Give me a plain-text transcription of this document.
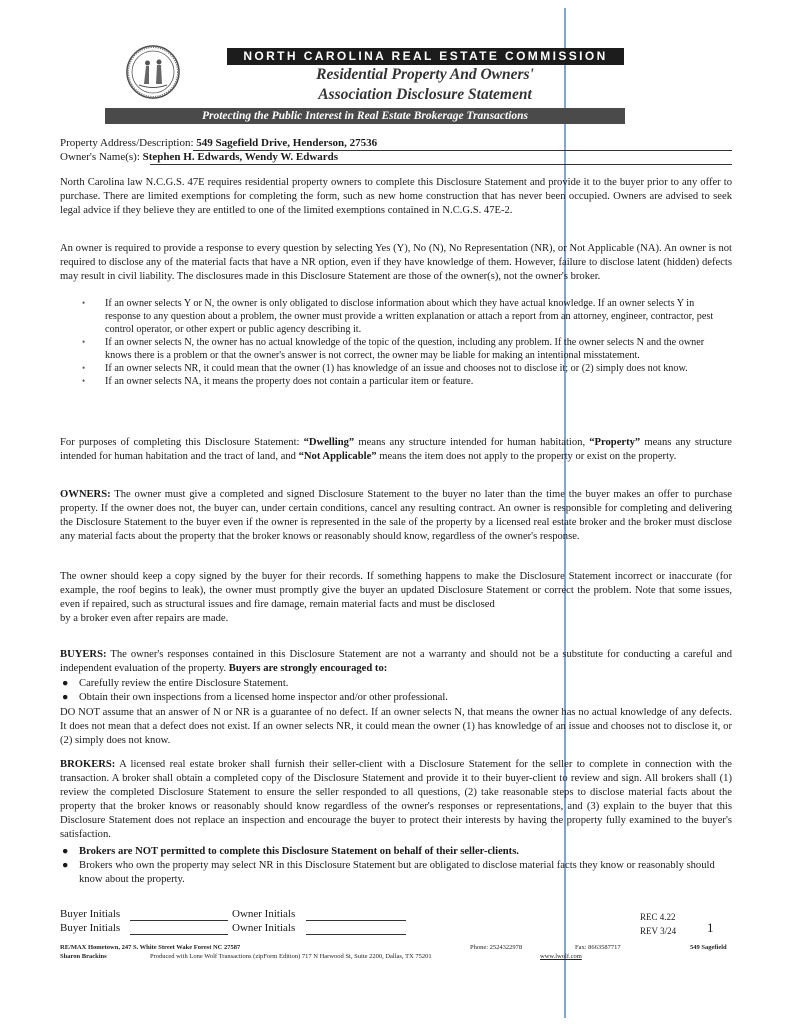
NORTH CAROLINA REAL ESTATE COMMISSION
Residential Property And Owners'
Association Disclosure Statement
Protecting the Public Interest in Real Estate Brokerage Transactions
Property Address/Description: 549 Sagefield Drive, Henderson, 27536
Owner's Name(s): Stephen H. Edwards, Wendy W. Edwards

North Carolina law N.C.G.S. 47E requires residential property owners to complete this Disclosure Statement and provide it to the buyer prior to any offer to purchase. There are limited exemptions for completing the form, such as new home construction that has never been occupied. Owners are advised to seek legal advice if they believe they are entitled to one of the limited exemptions contained in N.C.G.S. 47E-2.

An owner is required to provide a response to every question by selecting Yes (Y), No (N), No Representation (NR), or Not Applicable (NA). An owner is not required to disclose any of the material facts that have a NR option, even if they have knowledge of them. However, failure to disclose latent (hidden) defects may result in civil liability. The disclosures made in this Disclosure Statement are those of the owner(s), not the owner's broker.

• If an owner selects Y or N, the owner is only obligated to disclose information about which they have actual knowledge. If an owner selects Y in response to any question about a problem, the owner must provide a written explanation or attach a report from an attorney, engineer, contractor, pest control operator, or other expert or public agency describing it.

• If an owner selects N, the owner has no actual knowledge of the topic of the question, including any problem. If the owner selects N and the owner knows there is a problem or that the owner's answer is not correct, the owner may be liable for making an intentional misstatement.

• If an owner selects NR, it could mean that the owner (1) has knowledge of an issue and chooses not to disclose it; or (2) simply does not know.

• If an owner selects NA, it means the property does not contain a particular item or feature.

For purposes of completing this Disclosure Statement: “Dwelling” means any structure intended for human habitation, “Property” means any structure intended for human habitation and the tract of land, and “Not Applicable” means the item does not apply to the property or exist on the property.

OWNERS: The owner must give a completed and signed Disclosure Statement to the buyer no later than the time the buyer makes an offer to purchase property. If the owner does not, the buyer can, under certain conditions, cancel any resulting contract. An owner is responsible for completing and delivering the Disclosure Statement to the buyer even if the owner is represented in the sale of the property by a licensed real estate broker and the broker must disclose any material facts about the property that the broker knows or reasonably should know, regardless of the owner's response.

The owner should keep a copy signed by the buyer for their records. If something happens to make the Disclosure Statement incorrect or inaccurate (for example, the roof begins to leak), the owner must promptly give the buyer an updated Disclosure Statement or correct the problem. Note that some issues, even if repaired, such as structural issues and fire damage, remain material facts and must be disclosed

by a broker even after repairs are made.

BUYERS: The owner's responses contained in this Disclosure Statement are not a warranty and should not be a substitute for conducting a careful and independent evaluation of the property. Buyers are strongly encouraged to:

● Carefully review the entire Disclosure Statement.

● Obtain their own inspections from a licensed home inspector and/or other professional.

DO NOT assume that an answer of N or NR is a guarantee of no defect. If an owner selects N, that means the owner has no actual knowledge of any defects. It does not mean that a defect does not exist. If an owner selects NR, it could mean the owner (1) has knowledge of an issue and chooses not to disclose it, or (2) simply does not know.

BROKERS: A licensed real estate broker shall furnish their seller-client with a Disclosure Statement for the seller to complete in connection with the transaction. A broker shall obtain a completed copy of the Disclosure Statement and provide it to their buyer-client to review and sign. All brokers shall (1) review the completed Disclosure Statement to ensure the seller responded to all questions, (2) take reasonable steps to disclose material facts about the property that the broker knows or reasonably should know regardless of the owner's responses or representations, and (3) explain to the buyer that this Disclosure Statement does not replace an inspection and encourage the buyer to protect their interests by having the property fully examined to the buyer's satisfaction.

● Brokers are NOT permitted to complete this Disclosure Statement on behalf of their seller-clients.

● Brokers who own the property may select NR in this Disclosure Statement but are obligated to disclose material facts they know or reasonably should know about the property.

Buyer Initials	Owner Initials
Buyer Initials	Owner Initials
REC 4.22
REV 3/24 1
RE/MAX Hometown, 247 S. White Street Wake Forest NC 27587	Phone: 2524322978	Fax: 8663587717	549 Sagefield
Sharon Brackins	Produced with Lone Wolf Transactions (zipForm Edition) 717 N Harwood St, Suite 2200, Dallas, TX 75201	www.lwolf.com
